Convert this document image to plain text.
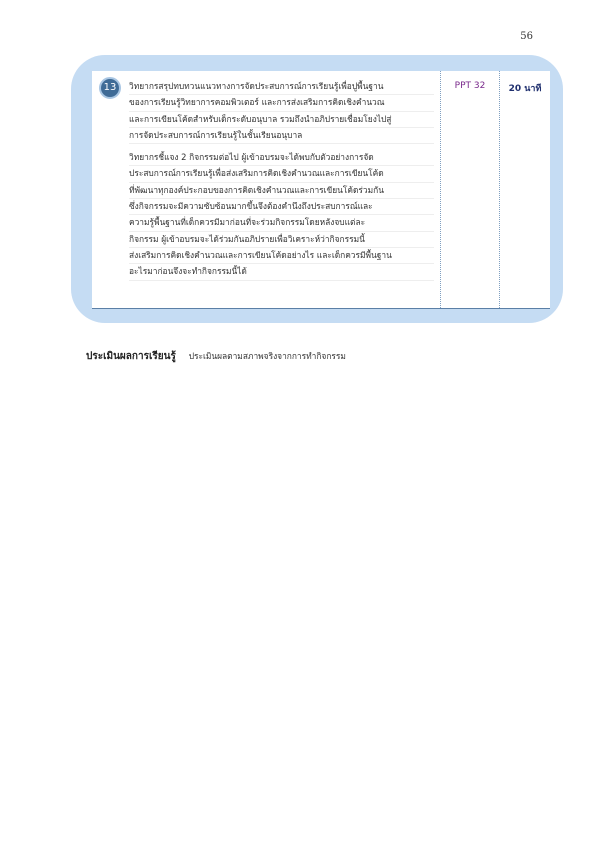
56
13	วิทยากรสรุปทบทวนแนวทางการจัดประสบการณ์การเรียนรู้เพื่อปูพื้นฐาน
ของการเรียนรู้วิทยาการคอมพิวเตอร์ และการส่งเสริมการคิดเชิงคำนวณ
และการเขียนโค้ดสำหรับเด็กระดับอนุบาล รวมถึงนำอภิปรายเชื่อมโยงไปสู่
การจัดประสบการณ์การเรียนรู้ในชั้นเรียนอนุบาล

วิทยากรชี้แจง 2 กิจกรรมต่อไป ผู้เข้าอบรมจะได้พบกับตัวอย่างการจัด
ประสบการณ์การเรียนรู้เพื่อส่งเสริมการคิดเชิงคำนวณและการเขียนโค้ด
ที่พัฒนาทุกองค์ประกอบของการคิดเชิงคำนวณและการเขียนโค้ดร่วมกัน
ซึ่งกิจกรรมจะมีความซับซ้อนมากขึ้นจึงต้องคำนึงถึงประสบการณ์และ
ความรู้พื้นฐานที่เด็กควรมีมาก่อนที่จะร่วมกิจกรรมโดยหลังจบแต่ละ
กิจกรรม ผู้เข้าอบรมจะได้ร่วมกันอภิปรายเพื่อวิเคราะห์ว่ากิจกรรมนี้
ส่งเสริมการคิดเชิงคำนวณและการเขียนโค้ดอย่างไร และเด็กควรมีพื้นฐาน
อะไรมาก่อนจึงจะทำกิจกรรมนี้ได้

PPT 32	20 นาที
ประเมินผลการเรียนรู้ ประเมินผลตามสภาพจริงจากการทำกิจกรรม
